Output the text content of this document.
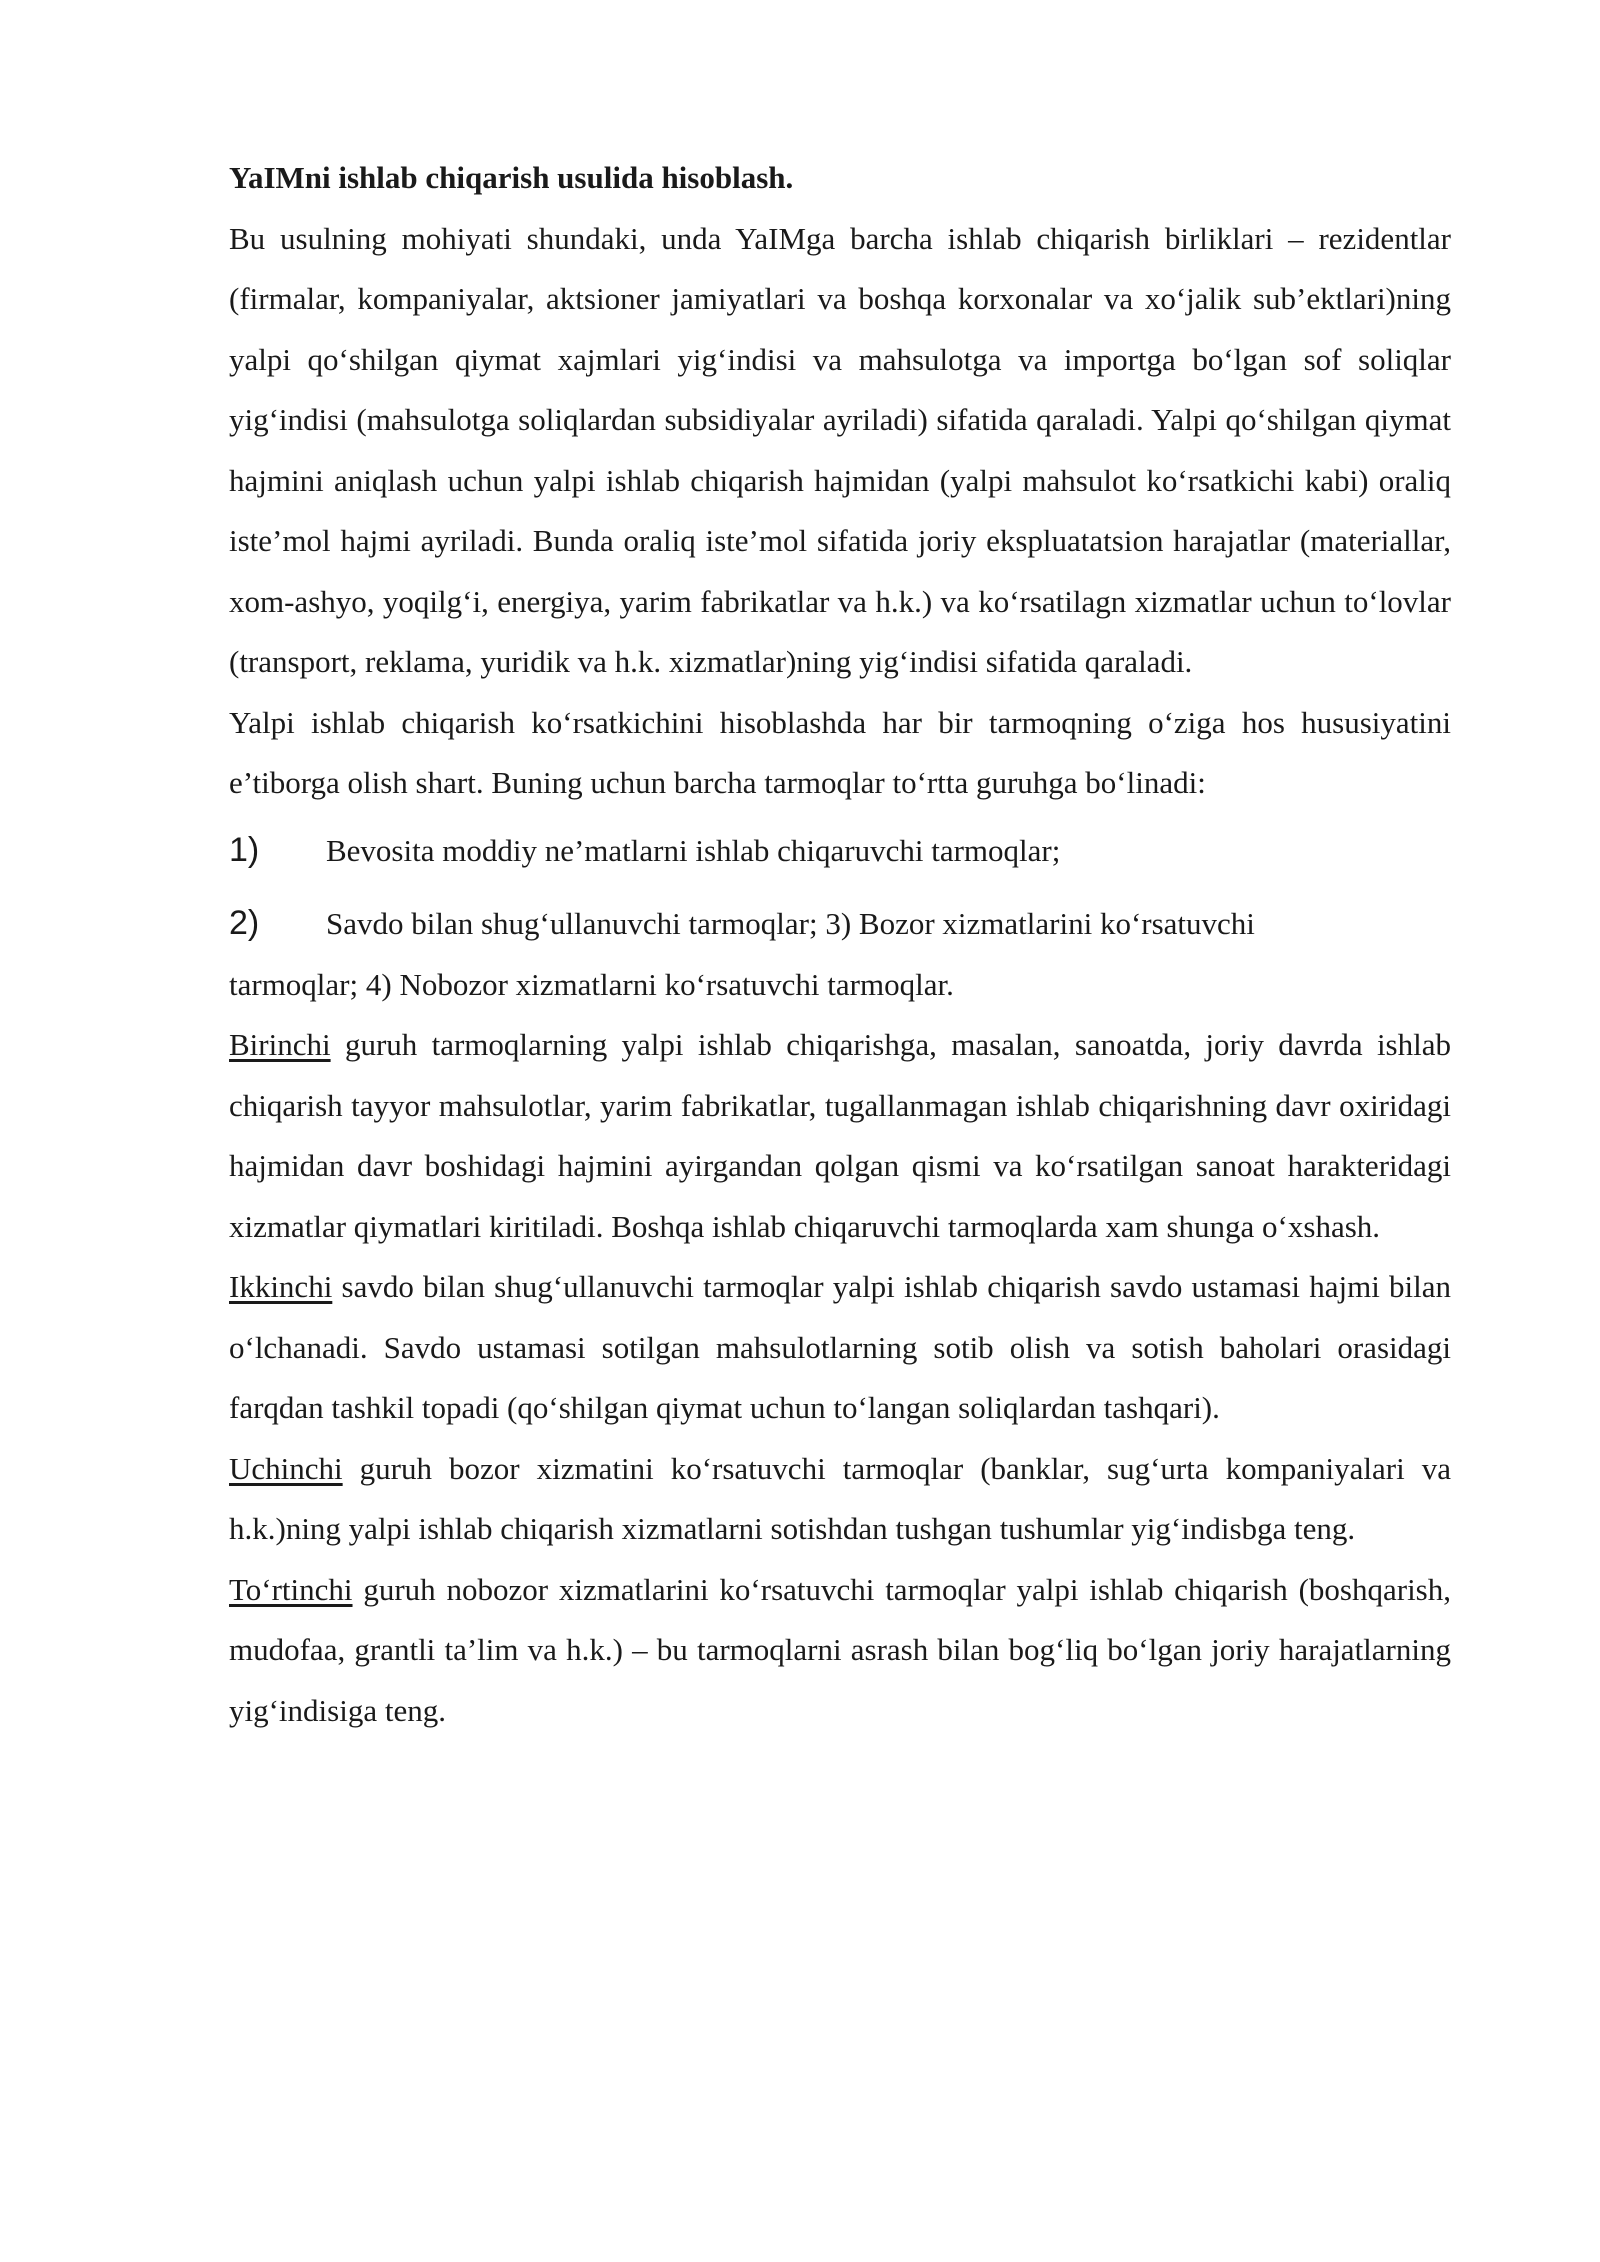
YaIMni ishlab chiqarish usulida hisoblash.

Bu usulning mohiyati shundaki, unda YaIMga barcha ishlab chiqarish birliklari – rezidentlar (firmalar, kompaniyalar, aktsioner jamiyatlari va boshqa korxonalar va xo‘jalik sub’ektlari)ning yalpi qo‘shilgan qiymat xajmlari yig‘indisi va mahsulotga va importga bo‘lgan sof soliqlar yig‘indisi (mahsulotga soliqlardan subsidiyalar ayriladi) sifatida qaraladi. Yalpi qo‘shilgan qiymat hajmini aniqlash uchun yalpi ishlab chiqarish hajmidan (yalpi mahsulot ko‘rsatkichi kabi) oraliq iste’mol hajmi ayriladi. Bunda oraliq iste’mol sifatida joriy ekspluatatsion harajatlar (materiallar, xom-ashyo, yoqilg‘i, energiya, yarim fabrikatlar va h.k.) va ko‘rsatilagn xizmatlar uchun to‘lovlar (transport, reklama, yuridik va h.k. xizmatlar)ning yig‘indisi sifatida qaraladi.

Yalpi ishlab chiqarish ko‘rsatkichini hisoblashda har bir tarmoqning o‘ziga hos hususiyatini e’tiborga olish shart. Buning uchun barcha tarmoqlar to‘rtta guruhga bo‘linadi:

1) Bevosita moddiy ne’matlarni ishlab chiqaruvchi tarmoqlar;
2) Savdo bilan shug‘ullanuvchi tarmoqlar; 3) Bozor xizmatlarini ko‘rsatuvchi
tarmoqlar; 4) Nobozor xizmatlarni ko‘rsatuvchi tarmoqlar.

Birinchi guruh tarmoqlarning yalpi ishlab chiqarishga, masalan, sanoatda, joriy davrda ishlab chiqarish tayyor mahsulotlar, yarim fabrikatlar, tugallanmagan ishlab chiqarishning davr oxiridagi hajmidan davr boshidagi hajmini ayirgandan qolgan qismi va ko‘rsatilgan sanoat harakteridagi xizmatlar qiymatlari kiritiladi. Boshqa ishlab chiqaruvchi tarmoqlarda xam shunga o‘xshash.

Ikkinchi savdo bilan shug‘ullanuvchi tarmoqlar yalpi ishlab chiqarish savdo ustamasi hajmi bilan o‘lchanadi. Savdo ustamasi sotilgan mahsulotlarning sotib olish va sotish baholari orasidagi farqdan tashkil topadi (qo‘shilgan qiymat uchun to‘langan soliqlardan tashqari).

Uchinchi guruh bozor xizmatini ko‘rsatuvchi tarmoqlar (banklar, sug‘urta kompaniyalari va h.k.)ning yalpi ishlab chiqarish xizmatlarni sotishdan tushgan tushumlar yig‘indisbga teng.

To‘rtinchi guruh nobozor xizmatlarini ko‘rsatuvchi tarmoqlar yalpi ishlab chiqarish (boshqarish, mudofaa, grantli ta’lim va h.k.) – bu tarmoqlarni asrash bilan bog‘liq bo‘lgan joriy harajatlarning yig‘indisiga teng.
